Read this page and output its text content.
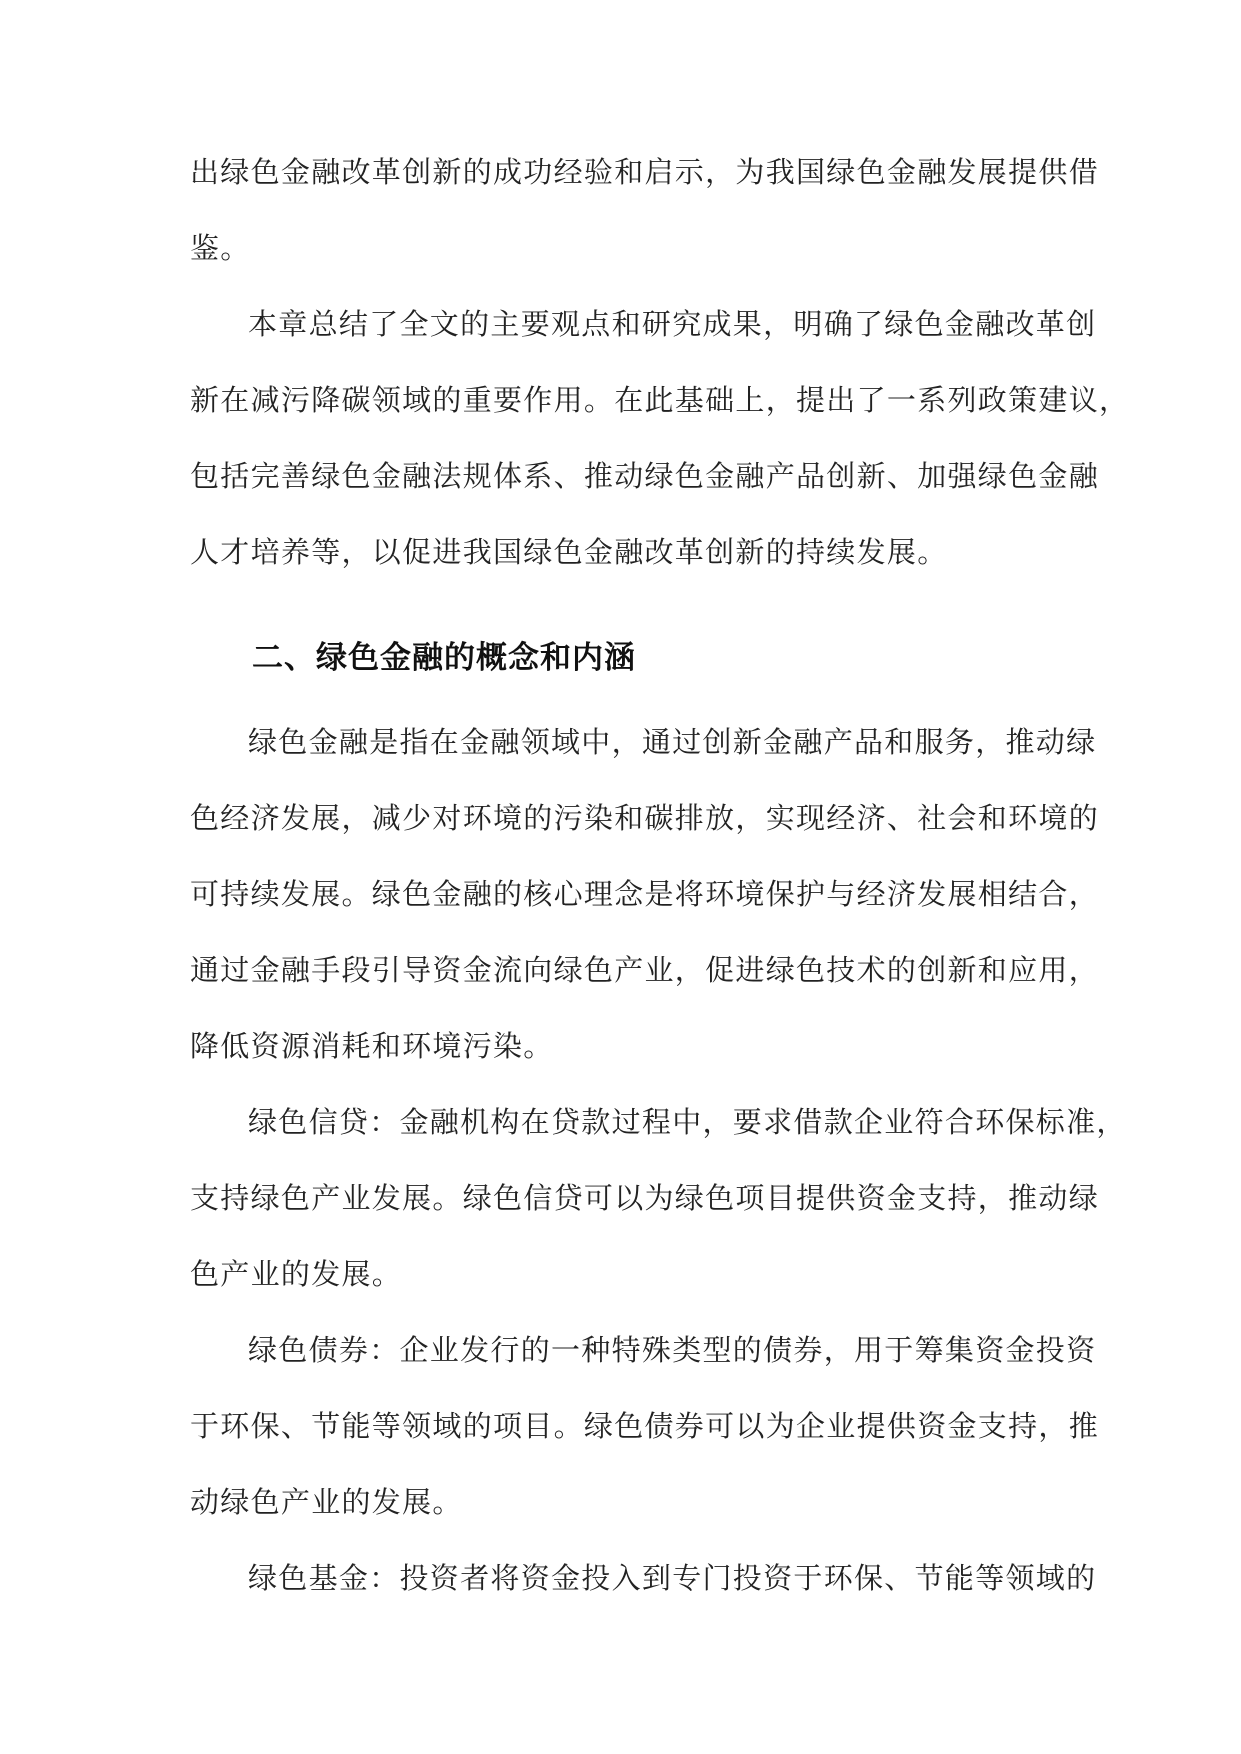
出绿色金融改革创新的成功经验和启示，为我国绿色金融发展提供借
鉴。

本章总结了全文的主要观点和研究成果，明确了绿色金融改革创
新在减污降碳领域的重要作用。在此基础上，提出了一系列政策建议，
包括完善绿色金融法规体系、推动绿色金融产品创新、加强绿色金融
人才培养等，以促进我国绿色金融改革创新的持续发展。

二、绿色金融的概念和内涵

绿色金融是指在金融领域中，通过创新金融产品和服务，推动绿
色经济发展，减少对环境的污染和碳排放，实现经济、社会和环境的
可持续发展。绿色金融的核心理念是将环境保护与经济发展相结合，
通过金融手段引导资金流向绿色产业，促进绿色技术的创新和应用，
降低资源消耗和环境污染。

绿色信贷：金融机构在贷款过程中，要求借款企业符合环保标准，
支持绿色产业发展。绿色信贷可以为绿色项目提供资金支持，推动绿
色产业的发展。

绿色债券：企业发行的一种特殊类型的债券，用于筹集资金投资
于环保、节能等领域的项目。绿色债券可以为企业提供资金支持，推
动绿色产业的发展。

绿色基金：投资者将资金投入到专门投资于环保、节能等领域的
